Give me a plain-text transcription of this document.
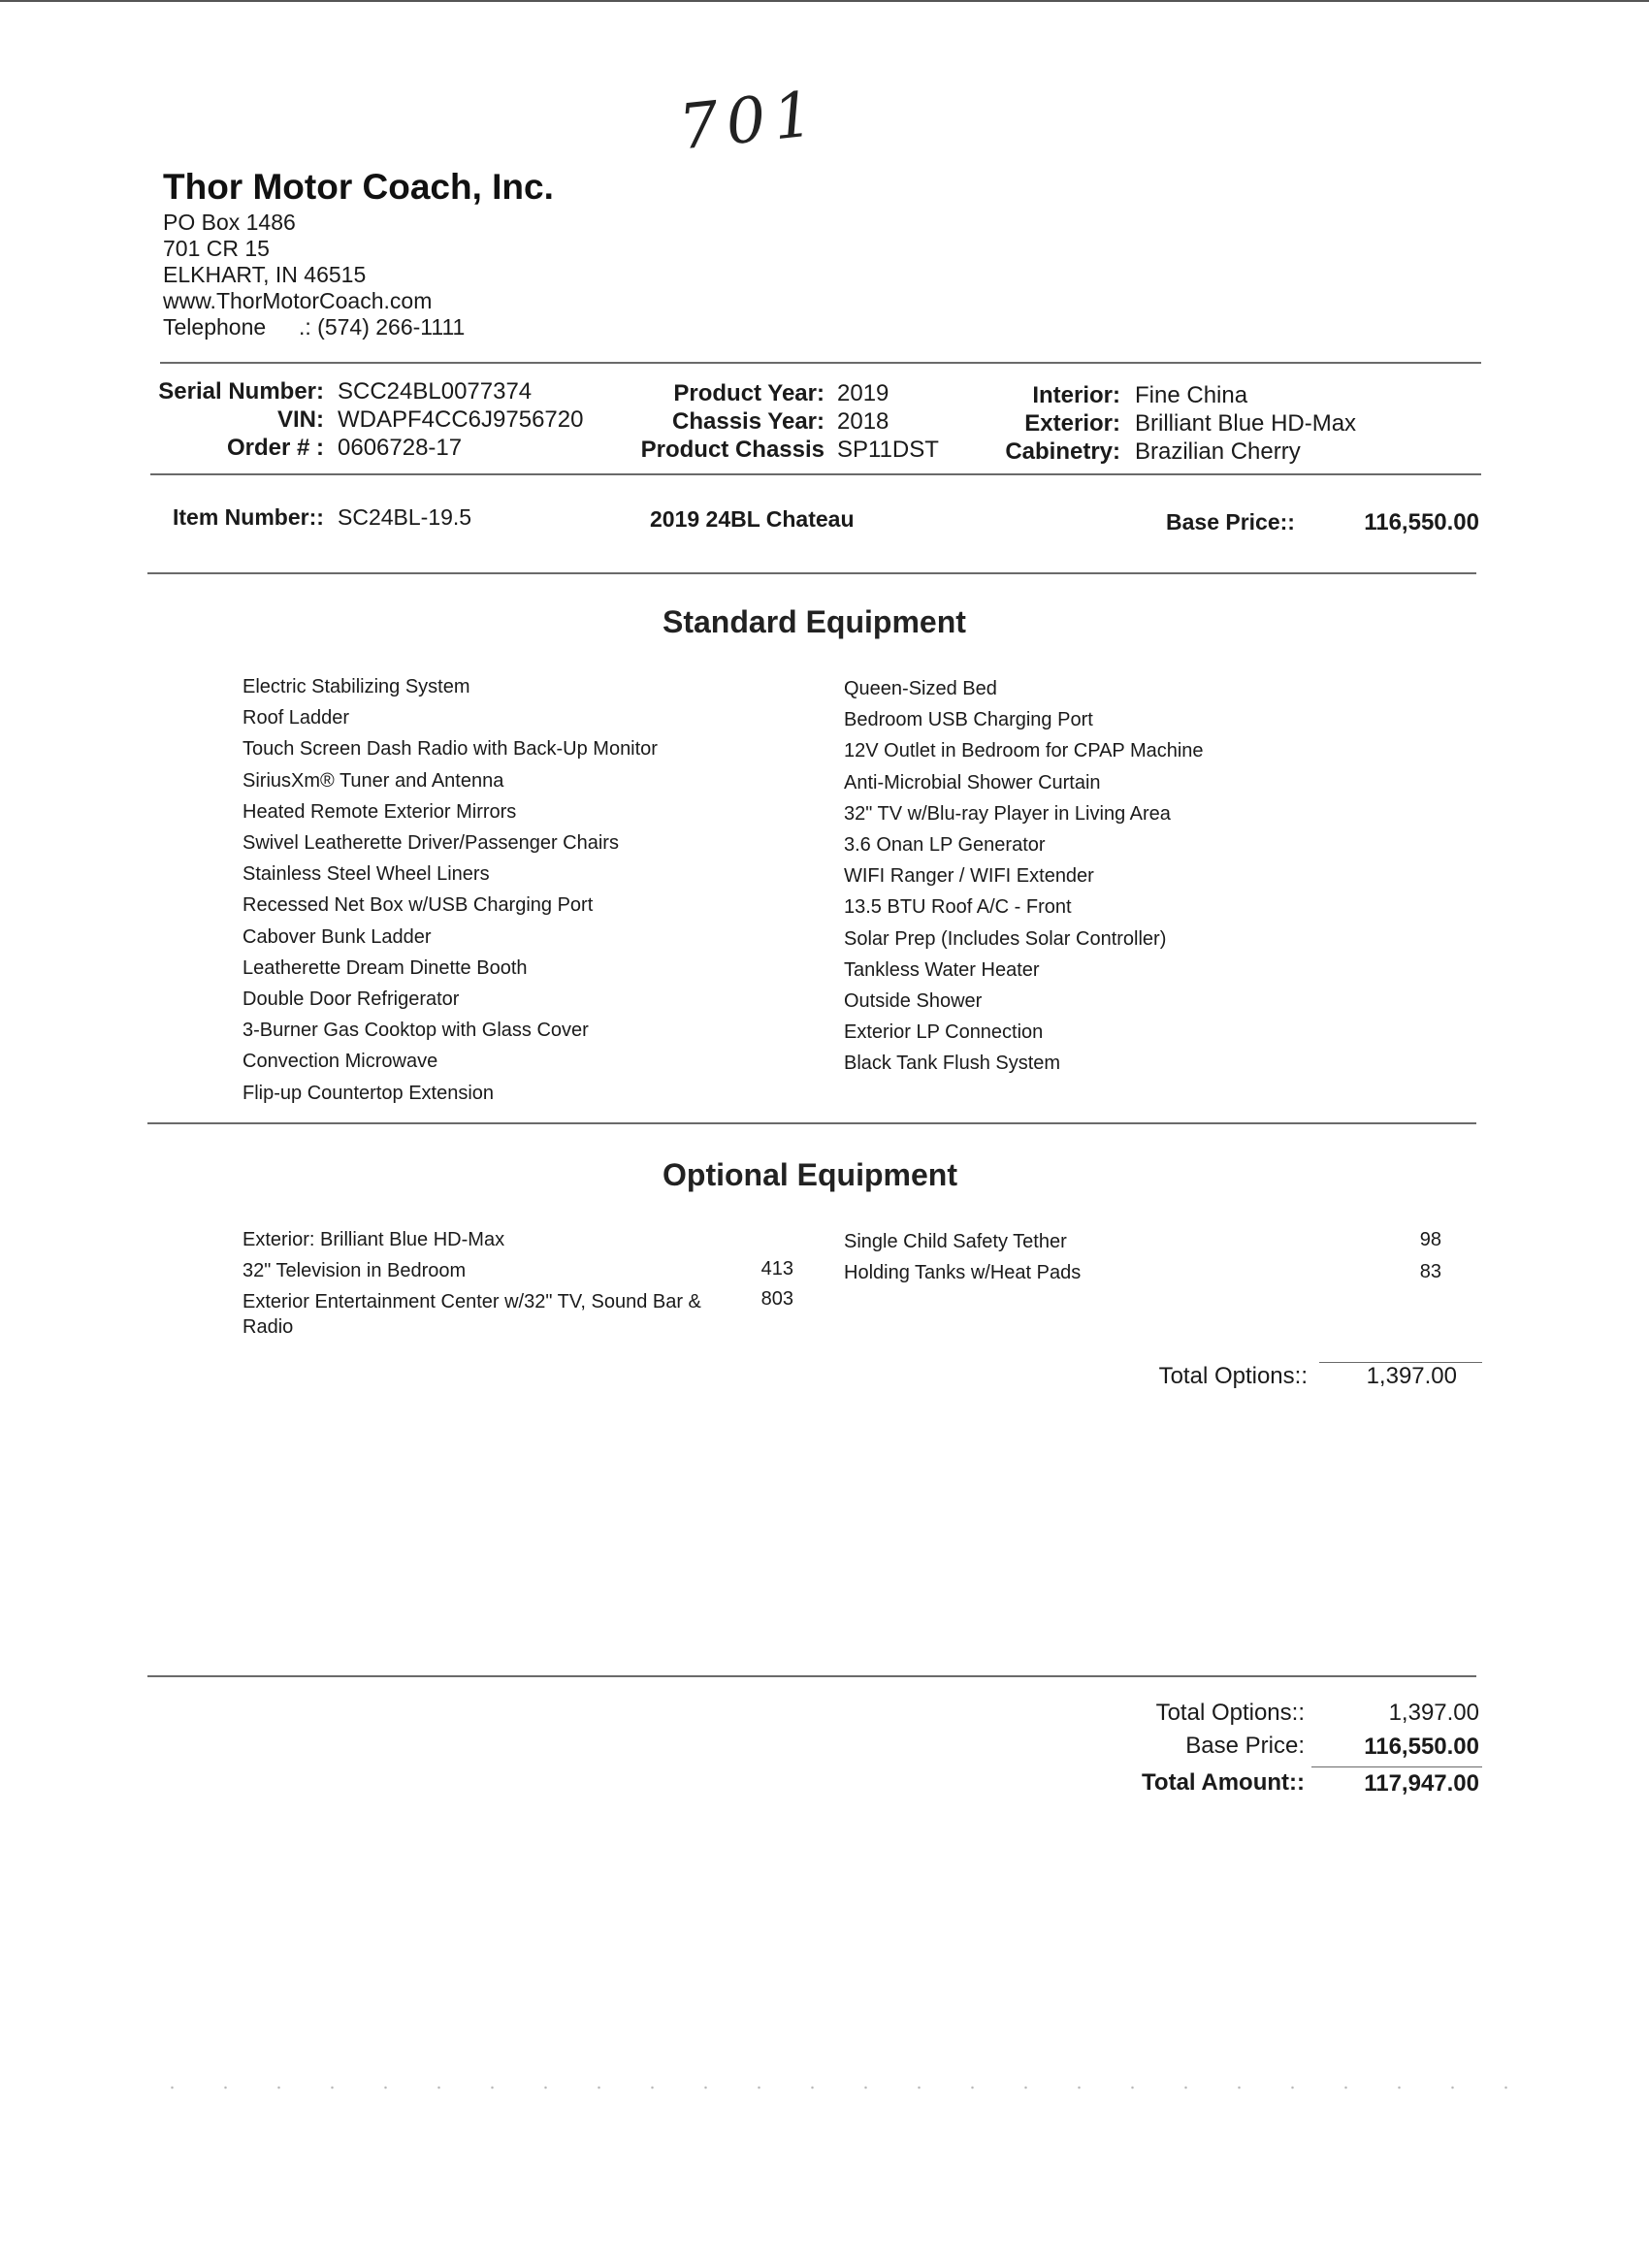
701
Thor Motor Coach, Inc.
PO Box 1486
701 CR 15
ELKHART, IN 46515
www.ThorMotorCoach.com
Telephone .: (574) 266-1111
Serial Number: SCC24BL0077374
VIN: WDAPF4CC6J9756720
Order # : 0606728-17
Product Year: 2019
Chassis Year: 2018
Product Chassis SP11DST
Interior: Fine China
Exterior: Brilliant Blue HD-Max
Cabinetry: Brazilian Cherry
Item Number:: SC24BL-19.5	2019 24BL Chateau	Base Price::	116,550.00
Standard Equipment
Electric Stabilizing System
Roof Ladder
Touch Screen Dash Radio with Back-Up Monitor
SiriusXm® Tuner and Antenna
Heated Remote Exterior Mirrors
Swivel Leatherette Driver/Passenger Chairs
Stainless Steel Wheel Liners
Recessed Net Box w/USB Charging Port
Cabover Bunk Ladder
Leatherette Dream Dinette Booth
Double Door Refrigerator
3-Burner Gas Cooktop with Glass Cover
Convection Microwave
Flip-up Countertop Extension
Queen-Sized Bed
Bedroom USB Charging Port
12V Outlet in Bedroom for CPAP Machine
Anti-Microbial Shower Curtain
32" TV w/Blu-ray Player in Living Area
3.6 Onan LP Generator
WIFI Ranger / WIFI Extender
13.5 BTU Roof A/C - Front
Solar Prep (Includes Solar Controller)
Tankless Water Heater
Outside Shower
Exterior LP Connection
Black Tank Flush System
Optional Equipment
Exterior: Brilliant Blue HD-Max
32" Television in Bedroom	413
Exterior Entertainment Center w/32" TV, Sound Bar &
Radio
803
Single Child Safety Tether	98
Holding Tanks w/Heat Pads	83
Total Options::	1,397.00
Total Options::	1,397.00
Base Price:	116,550.00
Total Amount::	117,947.00
